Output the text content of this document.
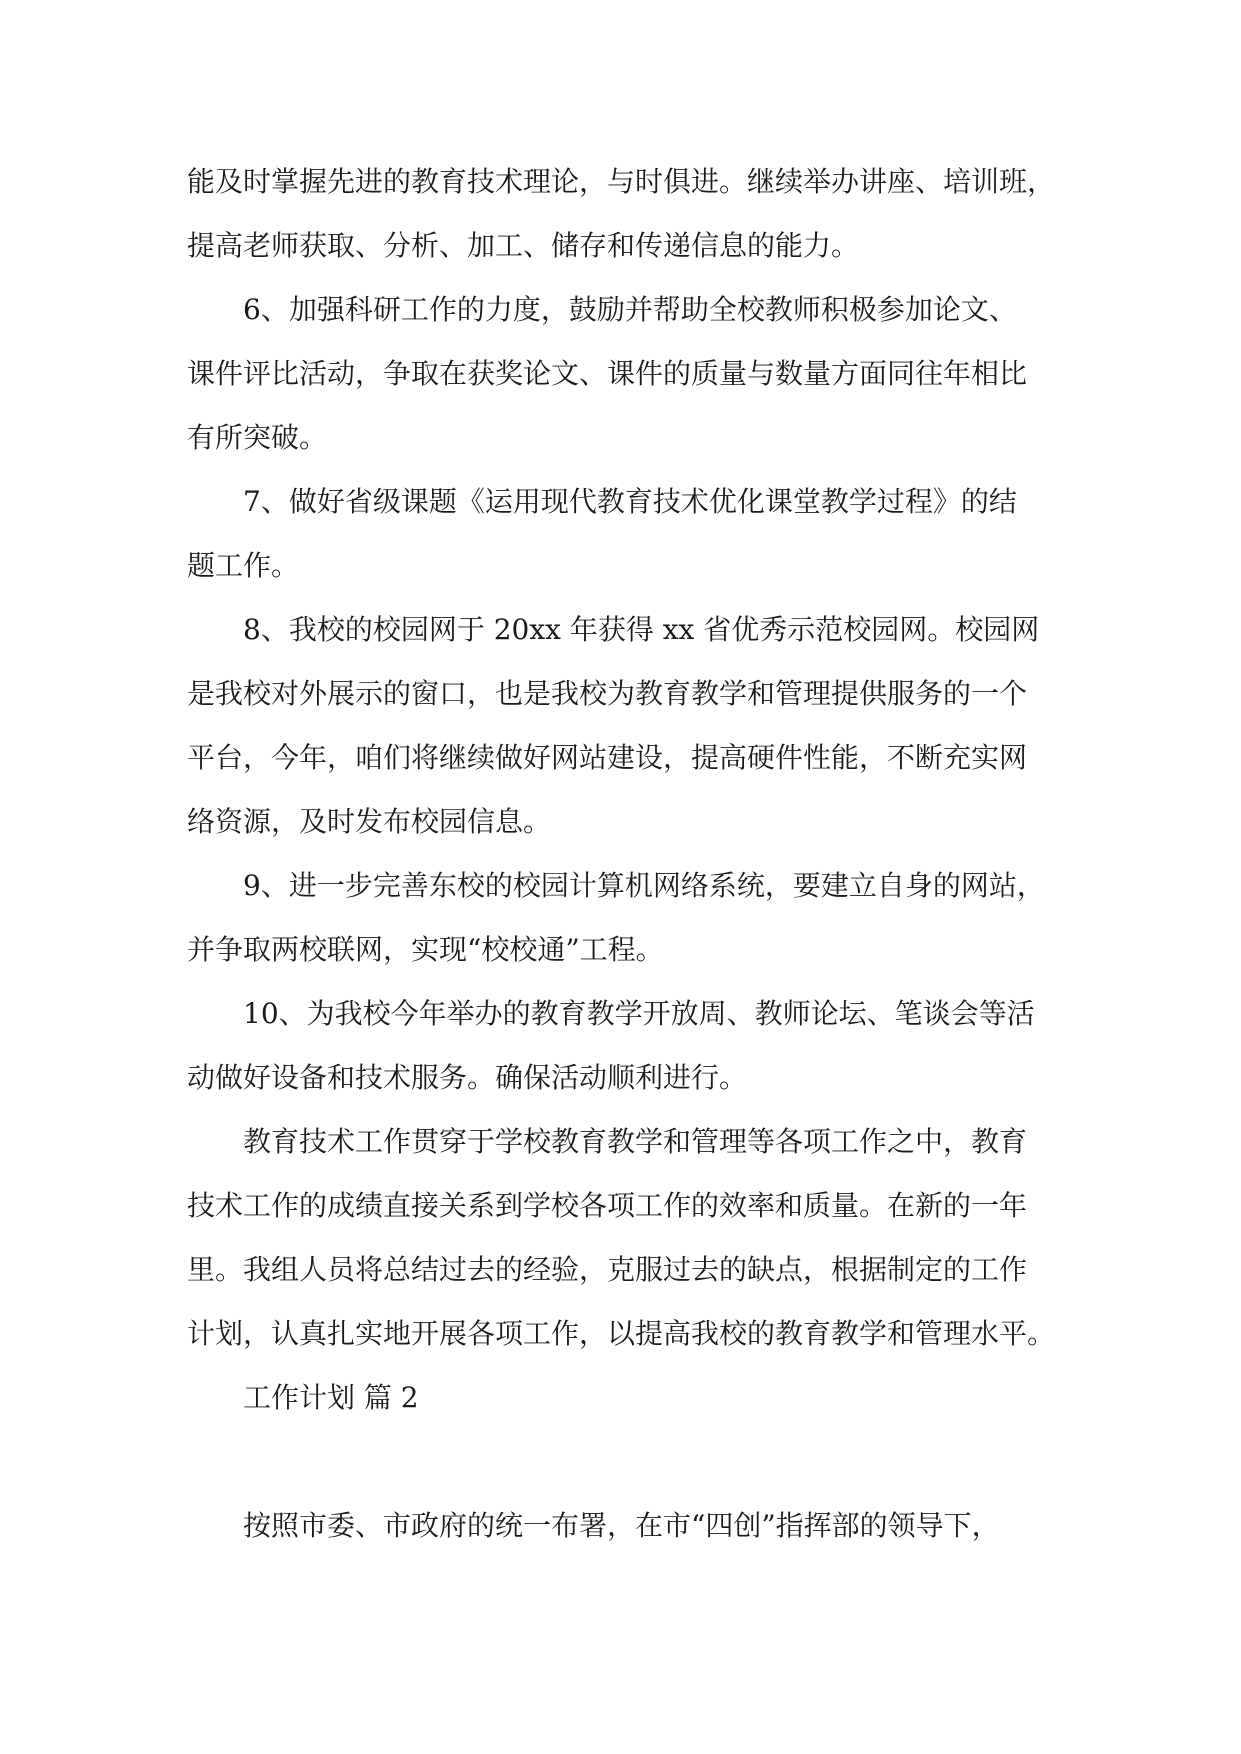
能及时掌握先进的教育技术理论，与时俱进。继续举办讲座、培训班，
提高老师获取、分析、加工、储存和传递信息的能力。
6、加强科研工作的力度，鼓励并帮助全校教师积极参加论文、
课件评比活动，争取在获奖论文、课件的质量与数量方面同往年相比
有所突破。
7、做好省级课题《运用现代教育技术优化课堂教学过程》的结
题工作。
8、我校的校园网于 20xx 年获得 xx 省优秀示范校园网。校园网
是我校对外展示的窗口，也是我校为教育教学和管理提供服务的一个
平台，今年，咱们将继续做好网站建设，提高硬件性能，不断充实网
络资源，及时发布校园信息。
9、进一步完善东校的校园计算机网络系统，要建立自身的网站，
并争取两校联网，实现“校校通”工程。
10、为我校今年举办的教育教学开放周、教师论坛、笔谈会等活
动做好设备和技术服务。确保活动顺利进行。
教育技术工作贯穿于学校教育教学和管理等各项工作之中，教育
技术工作的成绩直接关系到学校各项工作的效率和质量。在新的一年
里。我组人员将总结过去的经验，克服过去的缺点，根据制定的工作
计划，认真扎实地开展各项工作，以提高我校的教育教学和管理水平。
工作计划 篇 2
按照市委、市政府的统一布署，在市“四创”指挥部的领导下，
